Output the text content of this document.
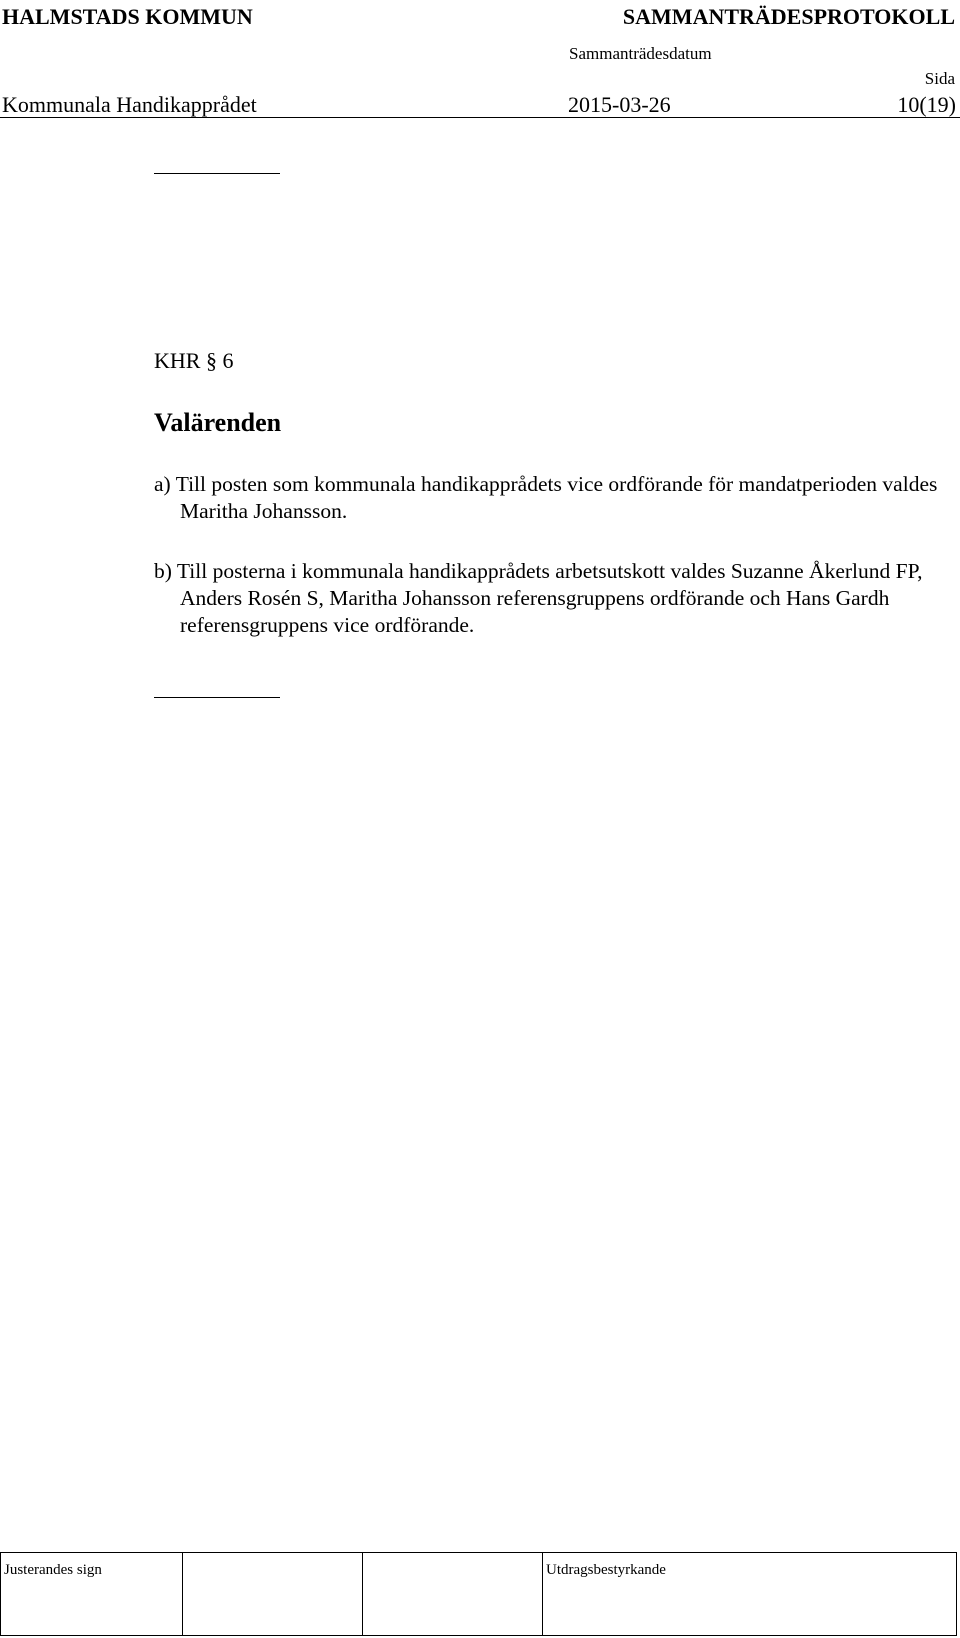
HALMSTADS KOMMUN	SAMMANTRÄDESPROTOKOLL
Sammanträdesdatum
Sida
Kommunala Handikapprådet	2015-03-26	10(19)
KHR § 6
Valärenden
a) Till posten som kommunala handikapprådets vice ordförande för mandatperioden valdes Maritha Johansson.
b) Till posterna i kommunala handikapprådets arbetsutskott valdes Suzanne Åkerlund FP, Anders Rosén S, Maritha Johansson referensgruppens ordförande och Hans Gardh referensgruppens vice ordförande.
Justerandes sign	Utdragsbestyrkande
